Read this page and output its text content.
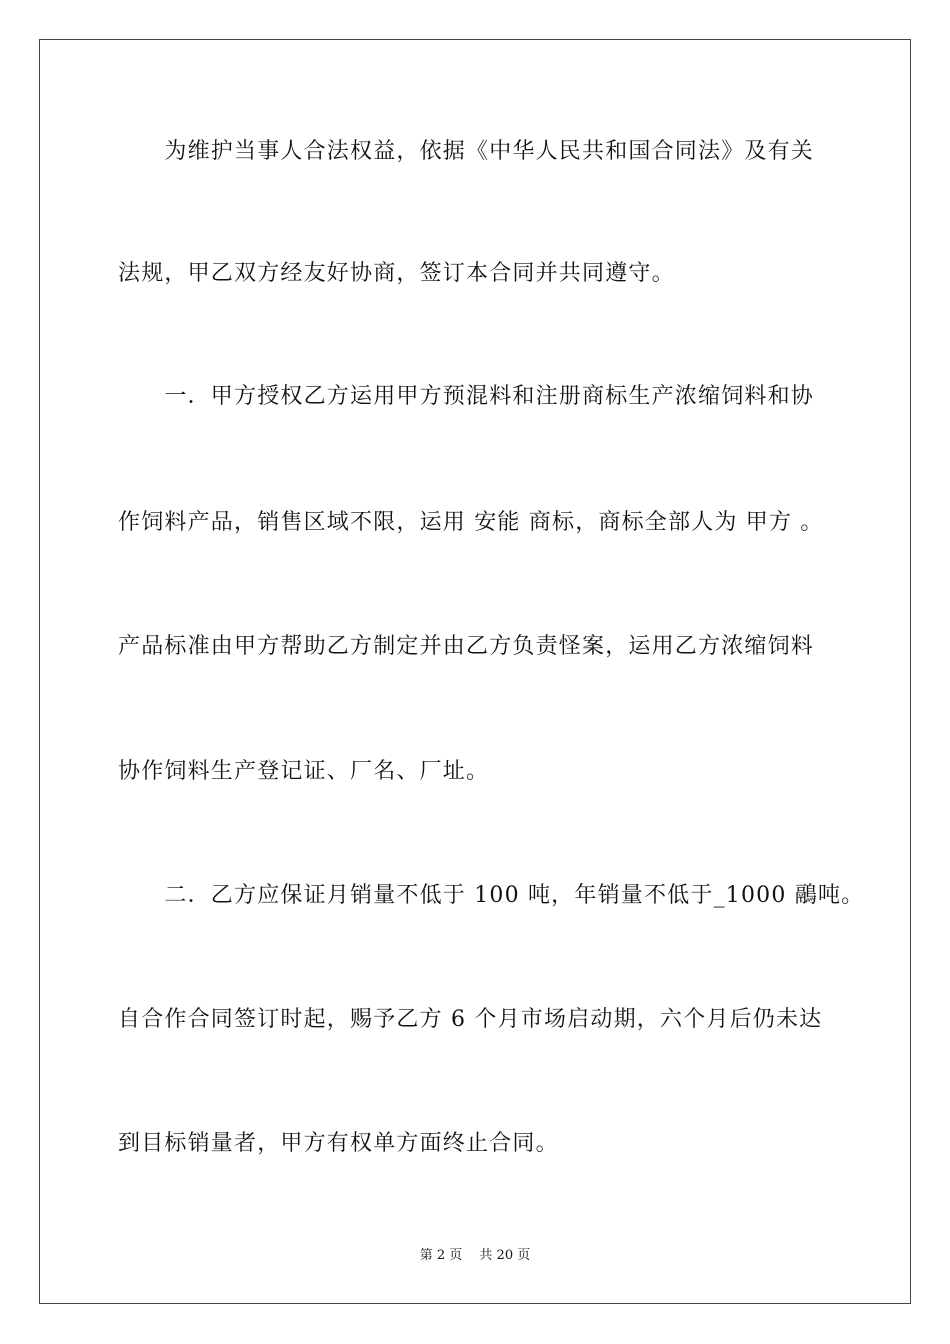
　　为维护当事人合法权益，依据《中华人民共和国合同法》及有关
法规，甲乙双方经友好协商，签订本合同并共同遵守。
　　一．甲方授权乙方运用甲方预混料和注册商标生产浓缩饲料和协
作饲料产品，销售区域不限，运用 安能 商标，商标全部人为 甲方 。
产品标准由甲方帮助乙方制定并由乙方负责怪案，运用乙方浓缩饲料
协作饲料生产登记证、厂名、厂址。
　　二．乙方应保证月销量不低于 100 吨，年销量不低于_1000 鷊吨。
自合作合同签订时起，赐予乙方 6 个月市场启动期，六个月后仍未达
到目标销量者，甲方有权单方面终止合同。
第 2 页　 共 20 页
